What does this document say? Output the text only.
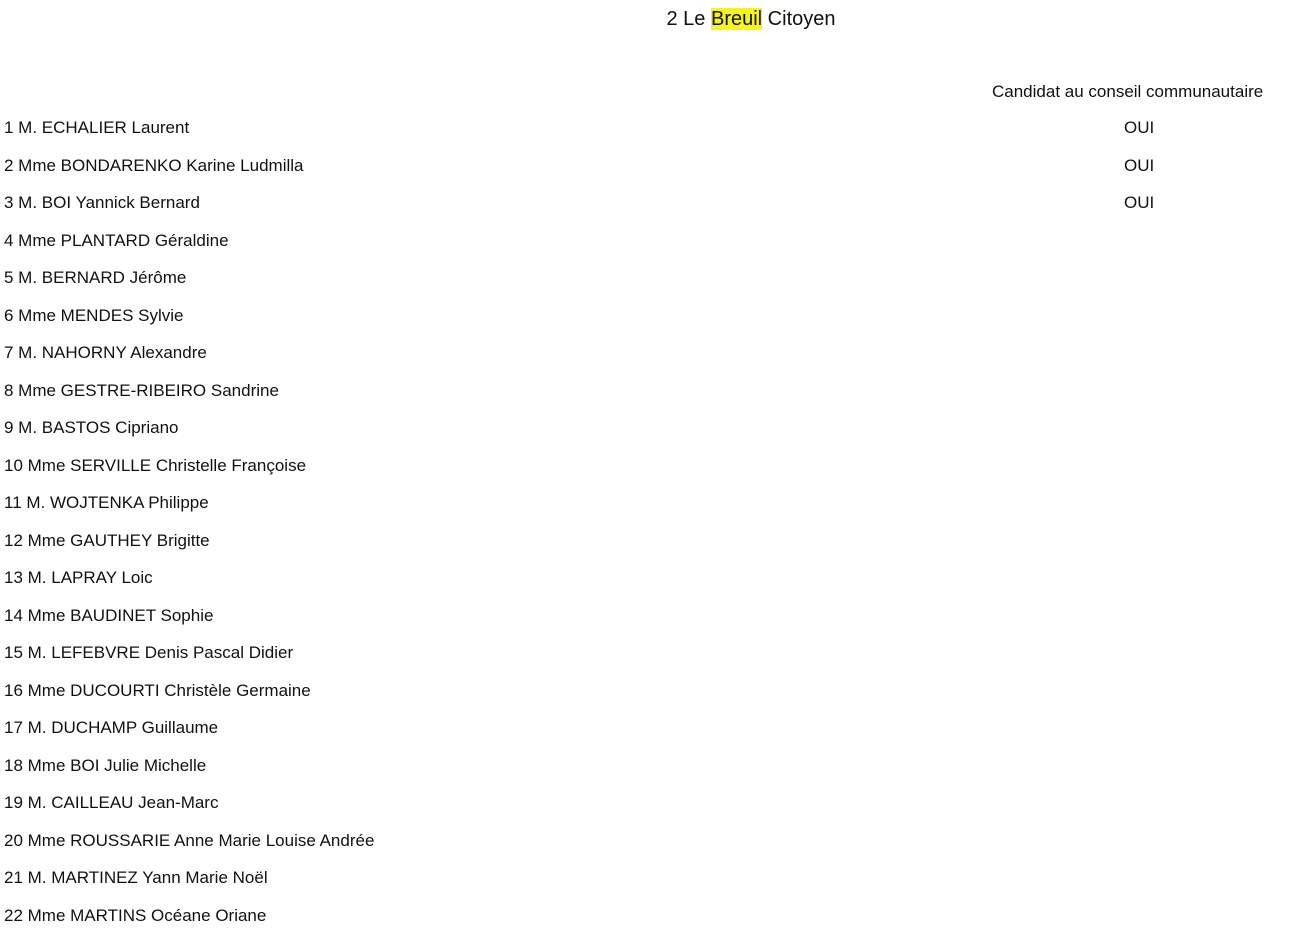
2 Le Breuil Citoyen
Candidat au conseil communautaire
1 M. ECHALIER Laurent	OUI
2 Mme BONDARENKO Karine Ludmilla	OUI
3 M. BOI Yannick Bernard	OUI
4 Mme PLANTARD Géraldine
5 M. BERNARD Jérôme
6 Mme MENDES Sylvie
7 M. NAHORNY Alexandre
8 Mme GESTRE-RIBEIRO Sandrine
9 M. BASTOS Cipriano
10 Mme SERVILLE Christelle Françoise
11 M. WOJTENKA Philippe
12 Mme GAUTHEY Brigitte
13 M. LAPRAY Loic
14 Mme BAUDINET Sophie
15 M. LEFEBVRE Denis Pascal Didier
16 Mme DUCOURTI Christèle Germaine
17 M. DUCHAMP Guillaume
18 Mme BOI Julie Michelle
19 M. CAILLEAU Jean-Marc
20 Mme ROUSSARIE Anne Marie Louise Andrée
21 M. MARTINEZ Yann Marie Noël
22 Mme MARTINS Océane Oriane
